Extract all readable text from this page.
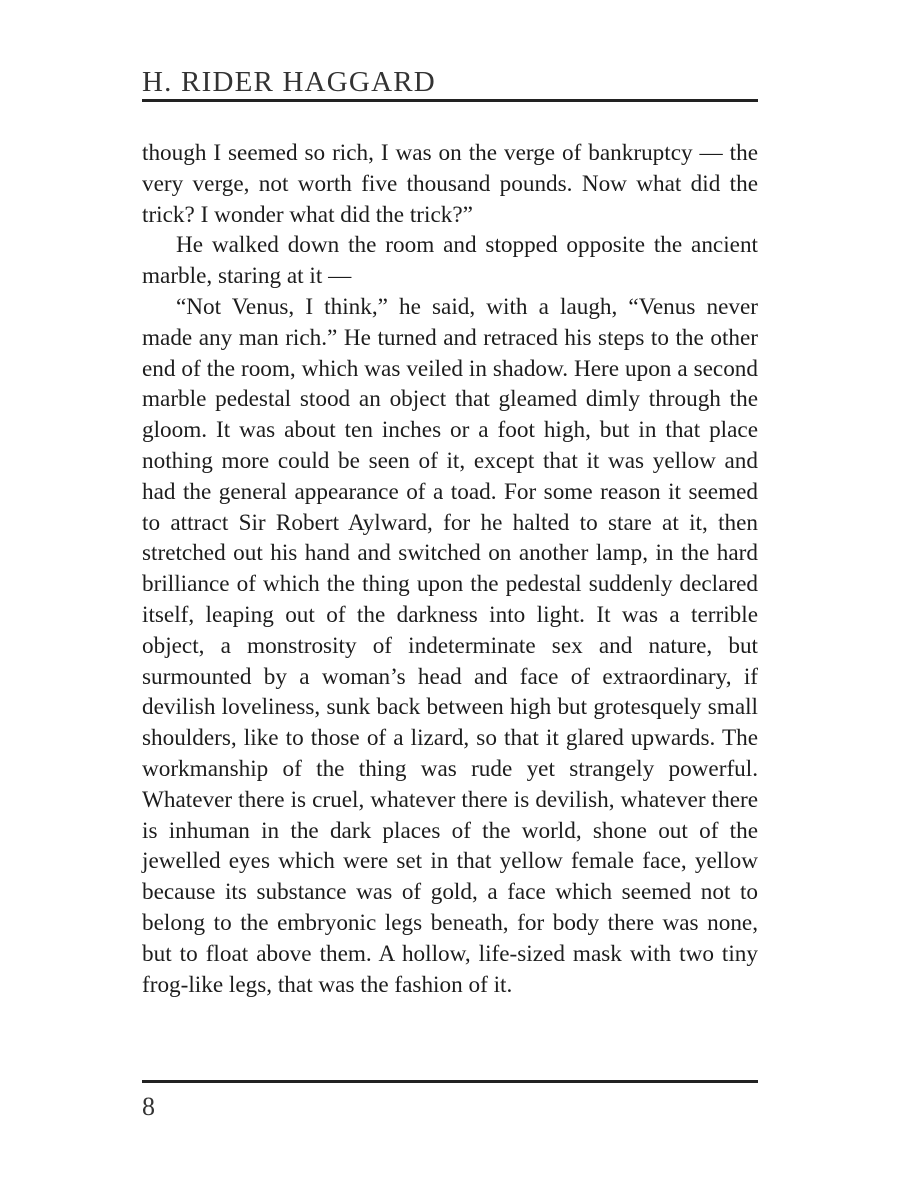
H. RIDER HAGGARD

though I seemed so rich, I was on the verge of bankruptcy — the very verge, not worth five thousand pounds. Now what did the trick? I wonder what did the trick?”

He walked down the room and stopped opposite the ancient marble, staring at it —

“Not Venus, I think,” he said, with a laugh, “Venus never made any man rich.” He turned and retraced his steps to the other end of the room, which was veiled in shadow. Here upon a second marble pedestal stood an object that gleamed dimly through the gloom. It was about ten inches or a foot high, but in that place nothing more could be seen of it, except that it was yellow and had the general appearance of a toad. For some reason it seemed to attract Sir Robert Aylward, for he halted to stare at it, then stretched out his hand and switched on another lamp, in the hard brilliance of which the thing upon the pedestal suddenly declared itself, leaping out of the darkness into light. It was a terrible object, a monstrosity of indeterminate sex and nature, but surmounted by a woman’s head and face of extraordinary, if devilish loveliness, sunk back between high but grotesquely small shoulders, like to those of a lizard, so that it glared upwards. The workmanship of the thing was rude yet strangely powerful. Whatever there is cruel, whatever there is devilish, whatever there is inhuman in the dark places of the world, shone out of the jewelled eyes which were set in that yellow female face, yellow because its substance was of gold, a face which seemed not to belong to the embryonic legs beneath, for body there was none, but to float above them. A hollow, life-sized mask with two tiny frog-like legs, that was the fashion of it.

8
